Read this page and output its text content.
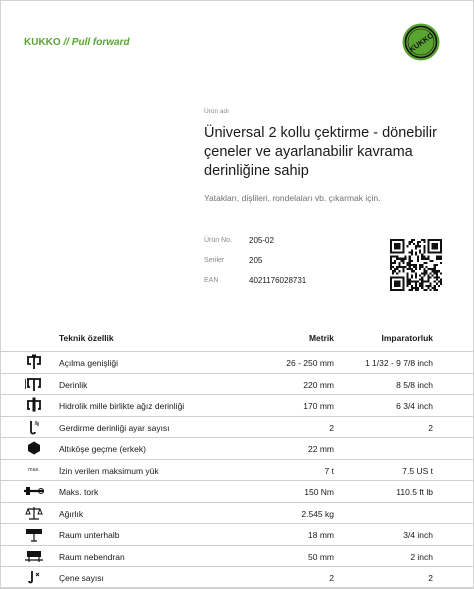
KUKKO // Pull forward	KUKKO
Ürün adı
Üniversal 2 kollu çektirme - dönebilir çeneler ve ayarlanabilir kavrama derinliğine sahip
Yatakları, dişlileri, rondelaları vb. çıkarmak için.
Ürün No.	205-02
Seriler	205
EAN	4021176028731
Teknik özellik	Metrik	Imparatorluk
Açılma genişliği	26 - 250 mm	1 1/32 - 9 7/8 inch
Derinlik	220 mm	8 5/8 inch
Hidrolik mille birlikte ağız derinliği	170 mm	6 3/4 inch
Gerdirme derinliği ayar sayısı	2	2
Altıköşe geçme (erkek)	22 mm
max.	İzin verilen maksimum yük	7 t	7.5 US t
Maks. tork	150 Nm	110.5 ft lb
Ağırlık	2.545 kg
Raum unterhalb	18 mm	3/4 inch
Raum nebendran	50 mm	2 inch
Çene sayısı	2	2
